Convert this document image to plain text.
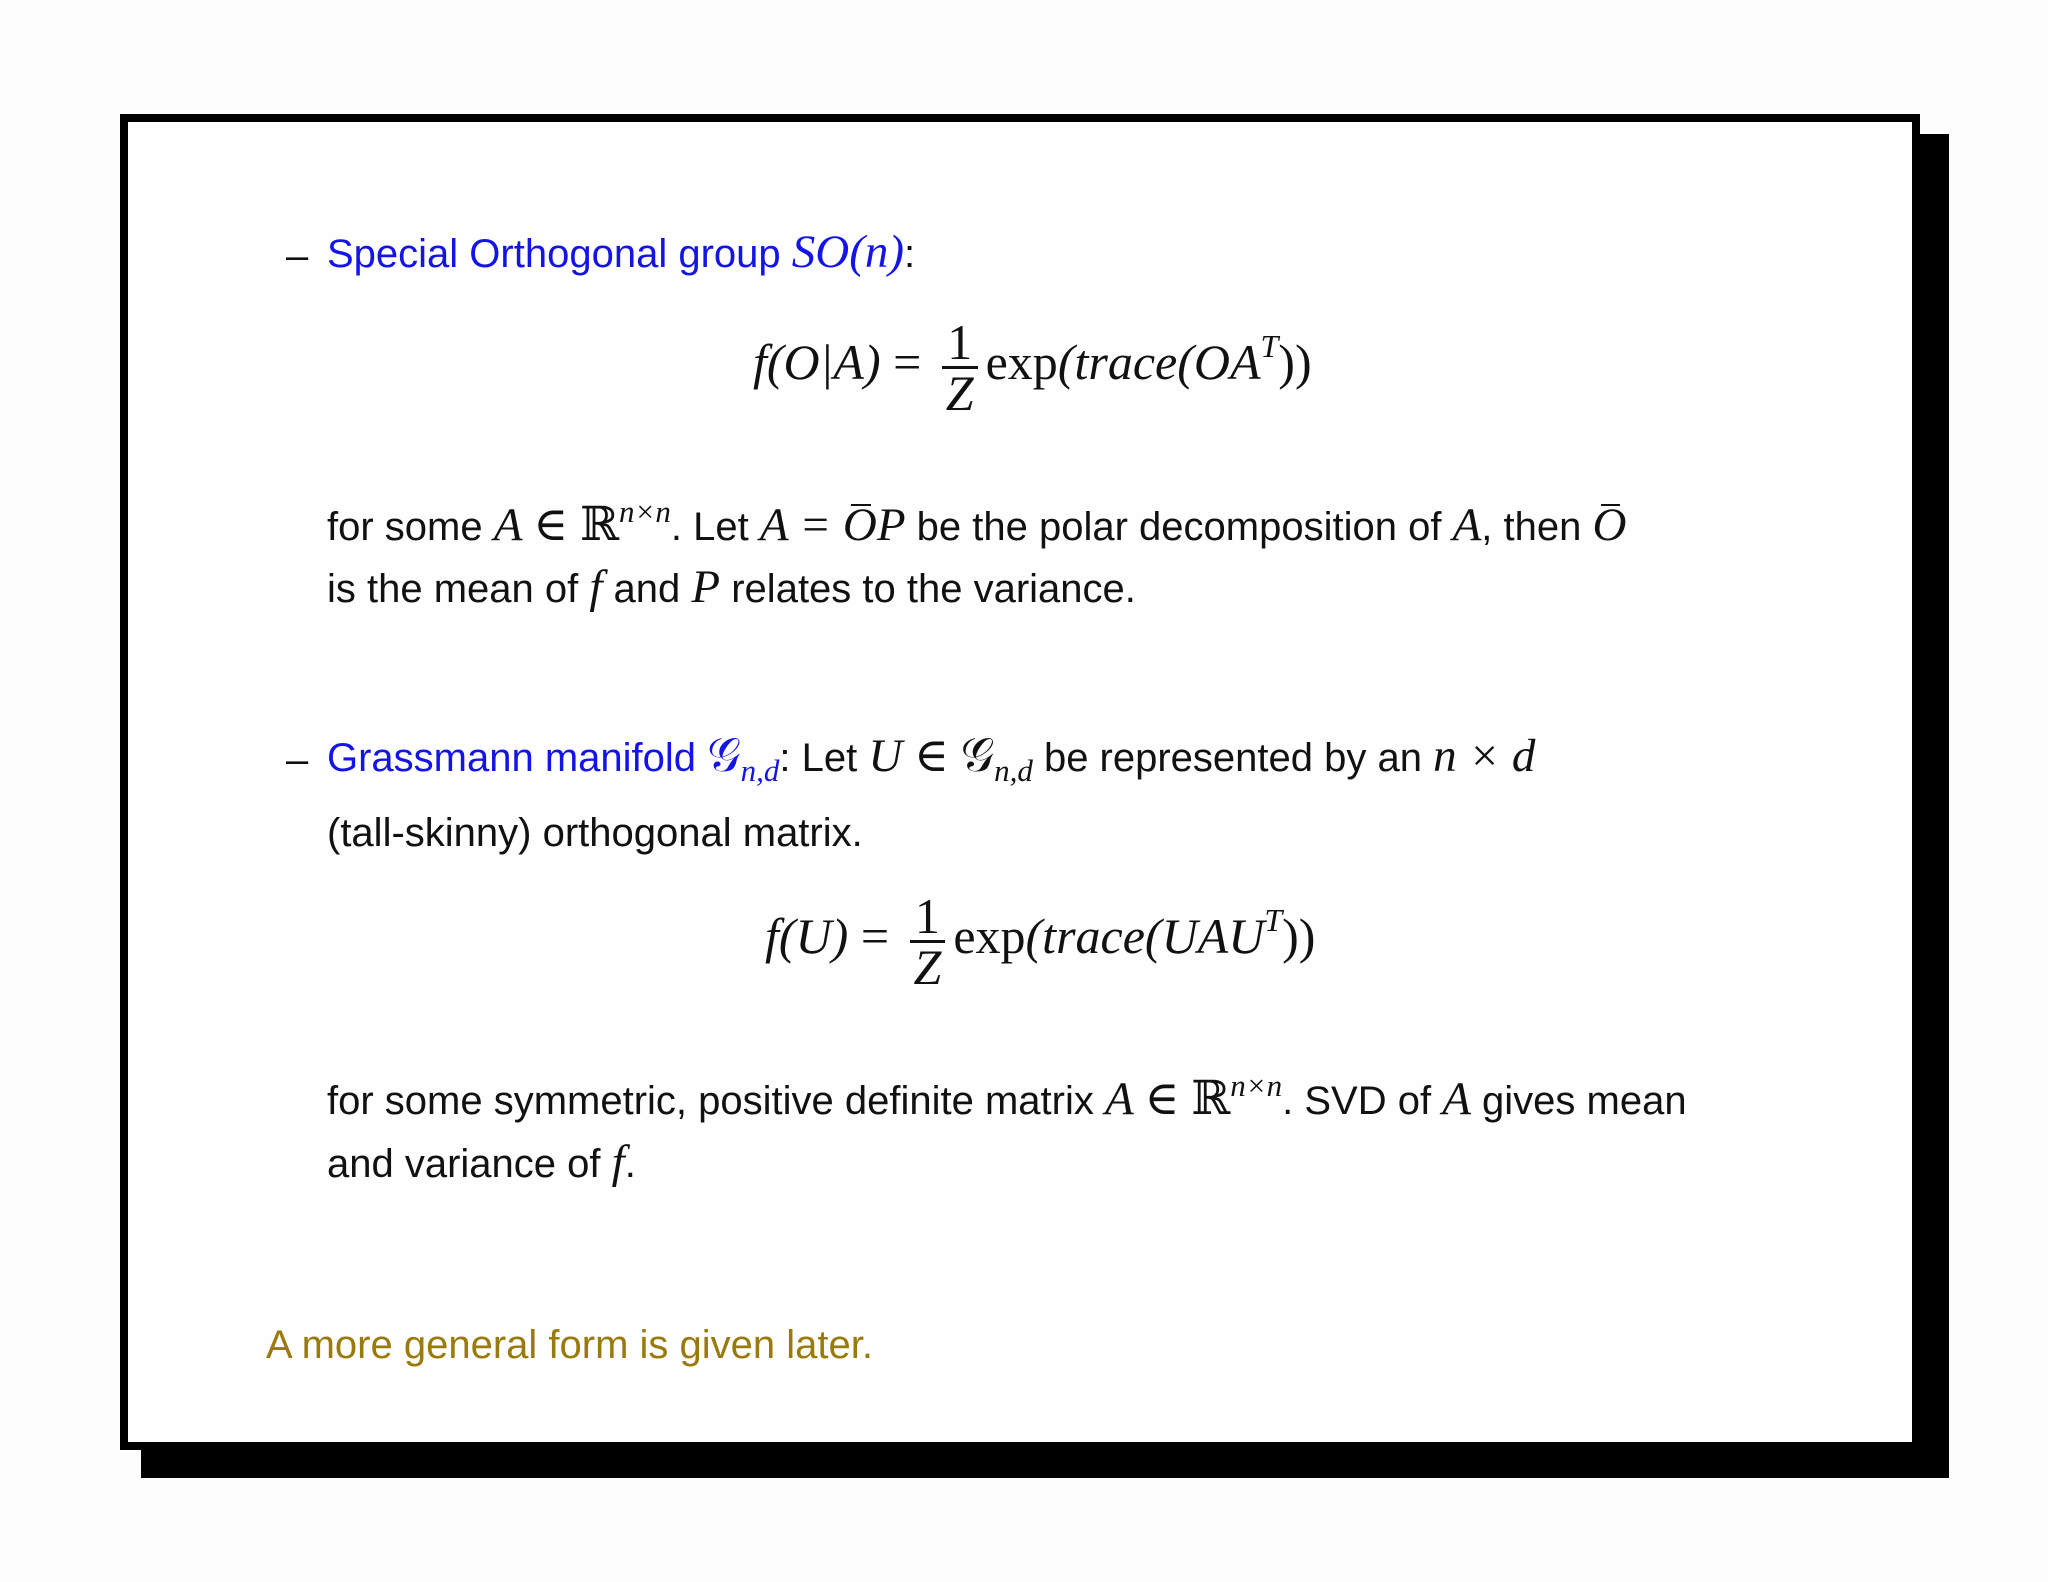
– Special Orthogonal group SO(n):
$f(O|A) = \frac{1}{Z}$ $\exp(trace(OA^T))$
for some A ∈ ℝ$^{n\times n}$. Let A = OP be the polar decomposition of A, then O
is the mean of f and P relates to the variance.
– Grassmann manifold 𝒢$_{n,d}$: Let U ∈ 𝒢$_{n,d}$ be represented by an n × d
(tall-skinny) orthogonal matrix.
$f(U) = \frac{1}{Z}$ $\exp(trace(UAU^T))$
for some symmetric, positive definite matrix A ∈ ℝ$^{n\times n}$. SVD of A gives mean
and variance of f.
A more general form is given later.
